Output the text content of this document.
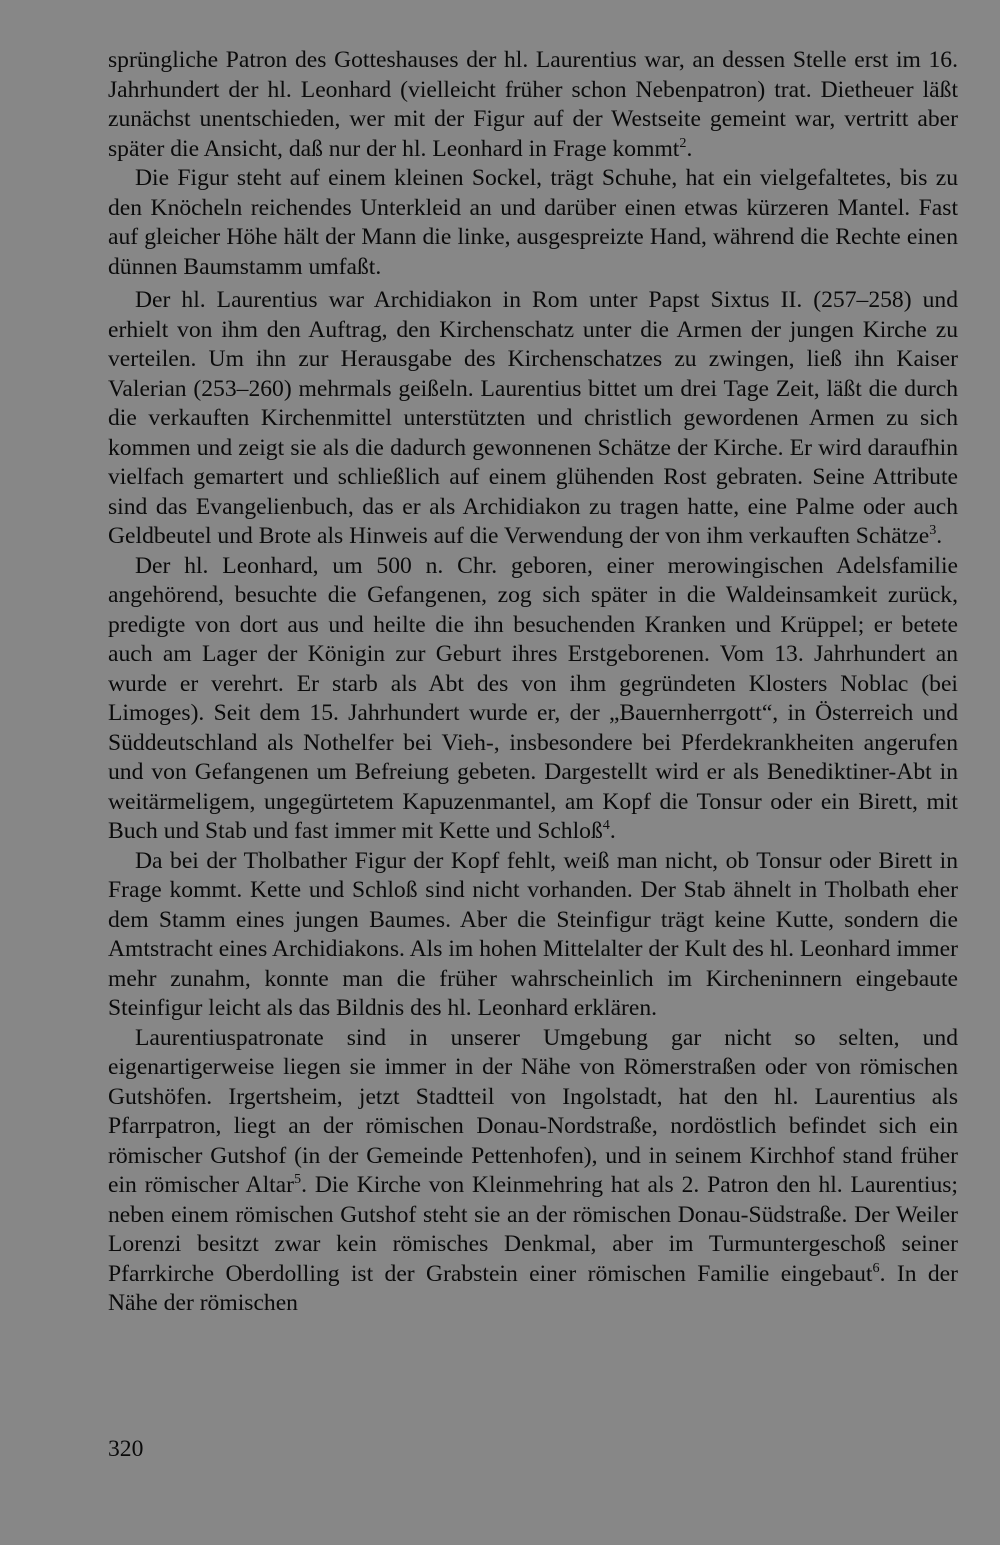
sprüngliche Patron des Gotteshauses der hl. Laurentius war, an dessen Stelle erst im 16. Jahrhundert der hl. Leonhard (vielleicht früher schon Nebenpatron) trat. Dietheuer läßt zunächst unentschieden, wer mit der Figur auf der Westseite gemeint war, vertritt aber später die Ansicht, daß nur der hl. Leonhard in Frage kommt$^2$.

Die Figur steht auf einem kleinen Sockel, trägt Schuhe, hat ein vielgefaltetes, bis zu den Knöcheln reichendes Unterkleid an und darüber einen etwas kürzeren Mantel. Fast auf gleicher Höhe hält der Mann die linke, ausgespreizte Hand, während die Rechte einen dünnen Baumstamm umfaßt.

Der hl. Laurentius war Archidiakon in Rom unter Papst Sixtus II. (257–258) und erhielt von ihm den Auftrag, den Kirchenschatz unter die Armen der jungen Kirche zu verteilen. Um ihn zur Herausgabe des Kirchenschatzes zu zwingen, ließ ihn Kaiser Valerian (253–260) mehrmals geißeln. Laurentius bittet um drei Tage Zeit, läßt die durch die verkauften Kirchenmittel unterstützten und christlich gewordenen Armen zu sich kommen und zeigt sie als die dadurch gewonnenen Schätze der Kirche. Er wird daraufhin vielfach gemartert und schließlich auf einem glühenden Rost gebraten. Seine Attribute sind das Evangelienbuch, das er als Archidiakon zu tragen hatte, eine Palme oder auch Geldbeutel und Brote als Hinweis auf die Verwendung der von ihm verkauften Schätze$^3$.

Der hl. Leonhard, um 500 n. Chr. geboren, einer merowingischen Adelsfamilie angehörend, besuchte die Gefangenen, zog sich später in die Waldeinsamkeit zurück, predigte von dort aus und heilte die ihn besuchenden Kranken und Krüppel; er betete auch am Lager der Königin zur Geburt ihres Erstgeborenen. Vom 13. Jahrhundert an wurde er verehrt. Er starb als Abt des von ihm gegründeten Klosters Noblac (bei Limoges). Seit dem 15. Jahrhundert wurde er, der „Bauernherrgott“, in Österreich und Süddeutschland als Nothelfer bei Vieh-, insbesondere bei Pferdekrankheiten angerufen und von Gefangenen um Befreiung gebeten. Dargestellt wird er als Benediktiner-Abt in weitärmeligem, ungegürtetem Kapuzenmantel, am Kopf die Tonsur oder ein Birett, mit Buch und Stab und fast immer mit Kette und Schloß$^4$.

Da bei der Tholbather Figur der Kopf fehlt, weiß man nicht, ob Tonsur oder Birett in Frage kommt. Kette und Schloß sind nicht vorhanden. Der Stab ähnelt in Tholbath eher dem Stamm eines jungen Baumes. Aber die Steinfigur trägt keine Kutte, sondern die Amtstracht eines Archidiakons. Als im hohen Mittelalter der Kult des hl. Leonhard immer mehr zunahm, konnte man die früher wahrscheinlich im Kircheninnern eingebaute Steinfigur leicht als das Bildnis des hl. Leonhard erklären.

Laurentiuspatronate sind in unserer Umgebung gar nicht so selten, und eigenartigerweise liegen sie immer in der Nähe von Römerstraßen oder von römischen Gutshöfen. Irgertsheim, jetzt Stadtteil von Ingolstadt, hat den hl. Laurentius als Pfarrpatron, liegt an der römischen Donau-Nordstraße, nordöstlich befindet sich ein römischer Gutshof (in der Gemeinde Pettenhofen), und in seinem Kirchhof stand früher ein römischer Altar$^5$. Die Kirche von Kleinmehring hat als 2. Patron den hl. Laurentius; neben einem römischen Gutshof steht sie an der römischen Donau-Südstraße. Der Weiler Lorenzi besitzt zwar kein römisches Denkmal, aber im Turmuntergeschoß seiner Pfarrkirche Oberdolling ist der Grabstein einer römischen Familie eingebaut$^6$. In der Nähe der römischen

320
